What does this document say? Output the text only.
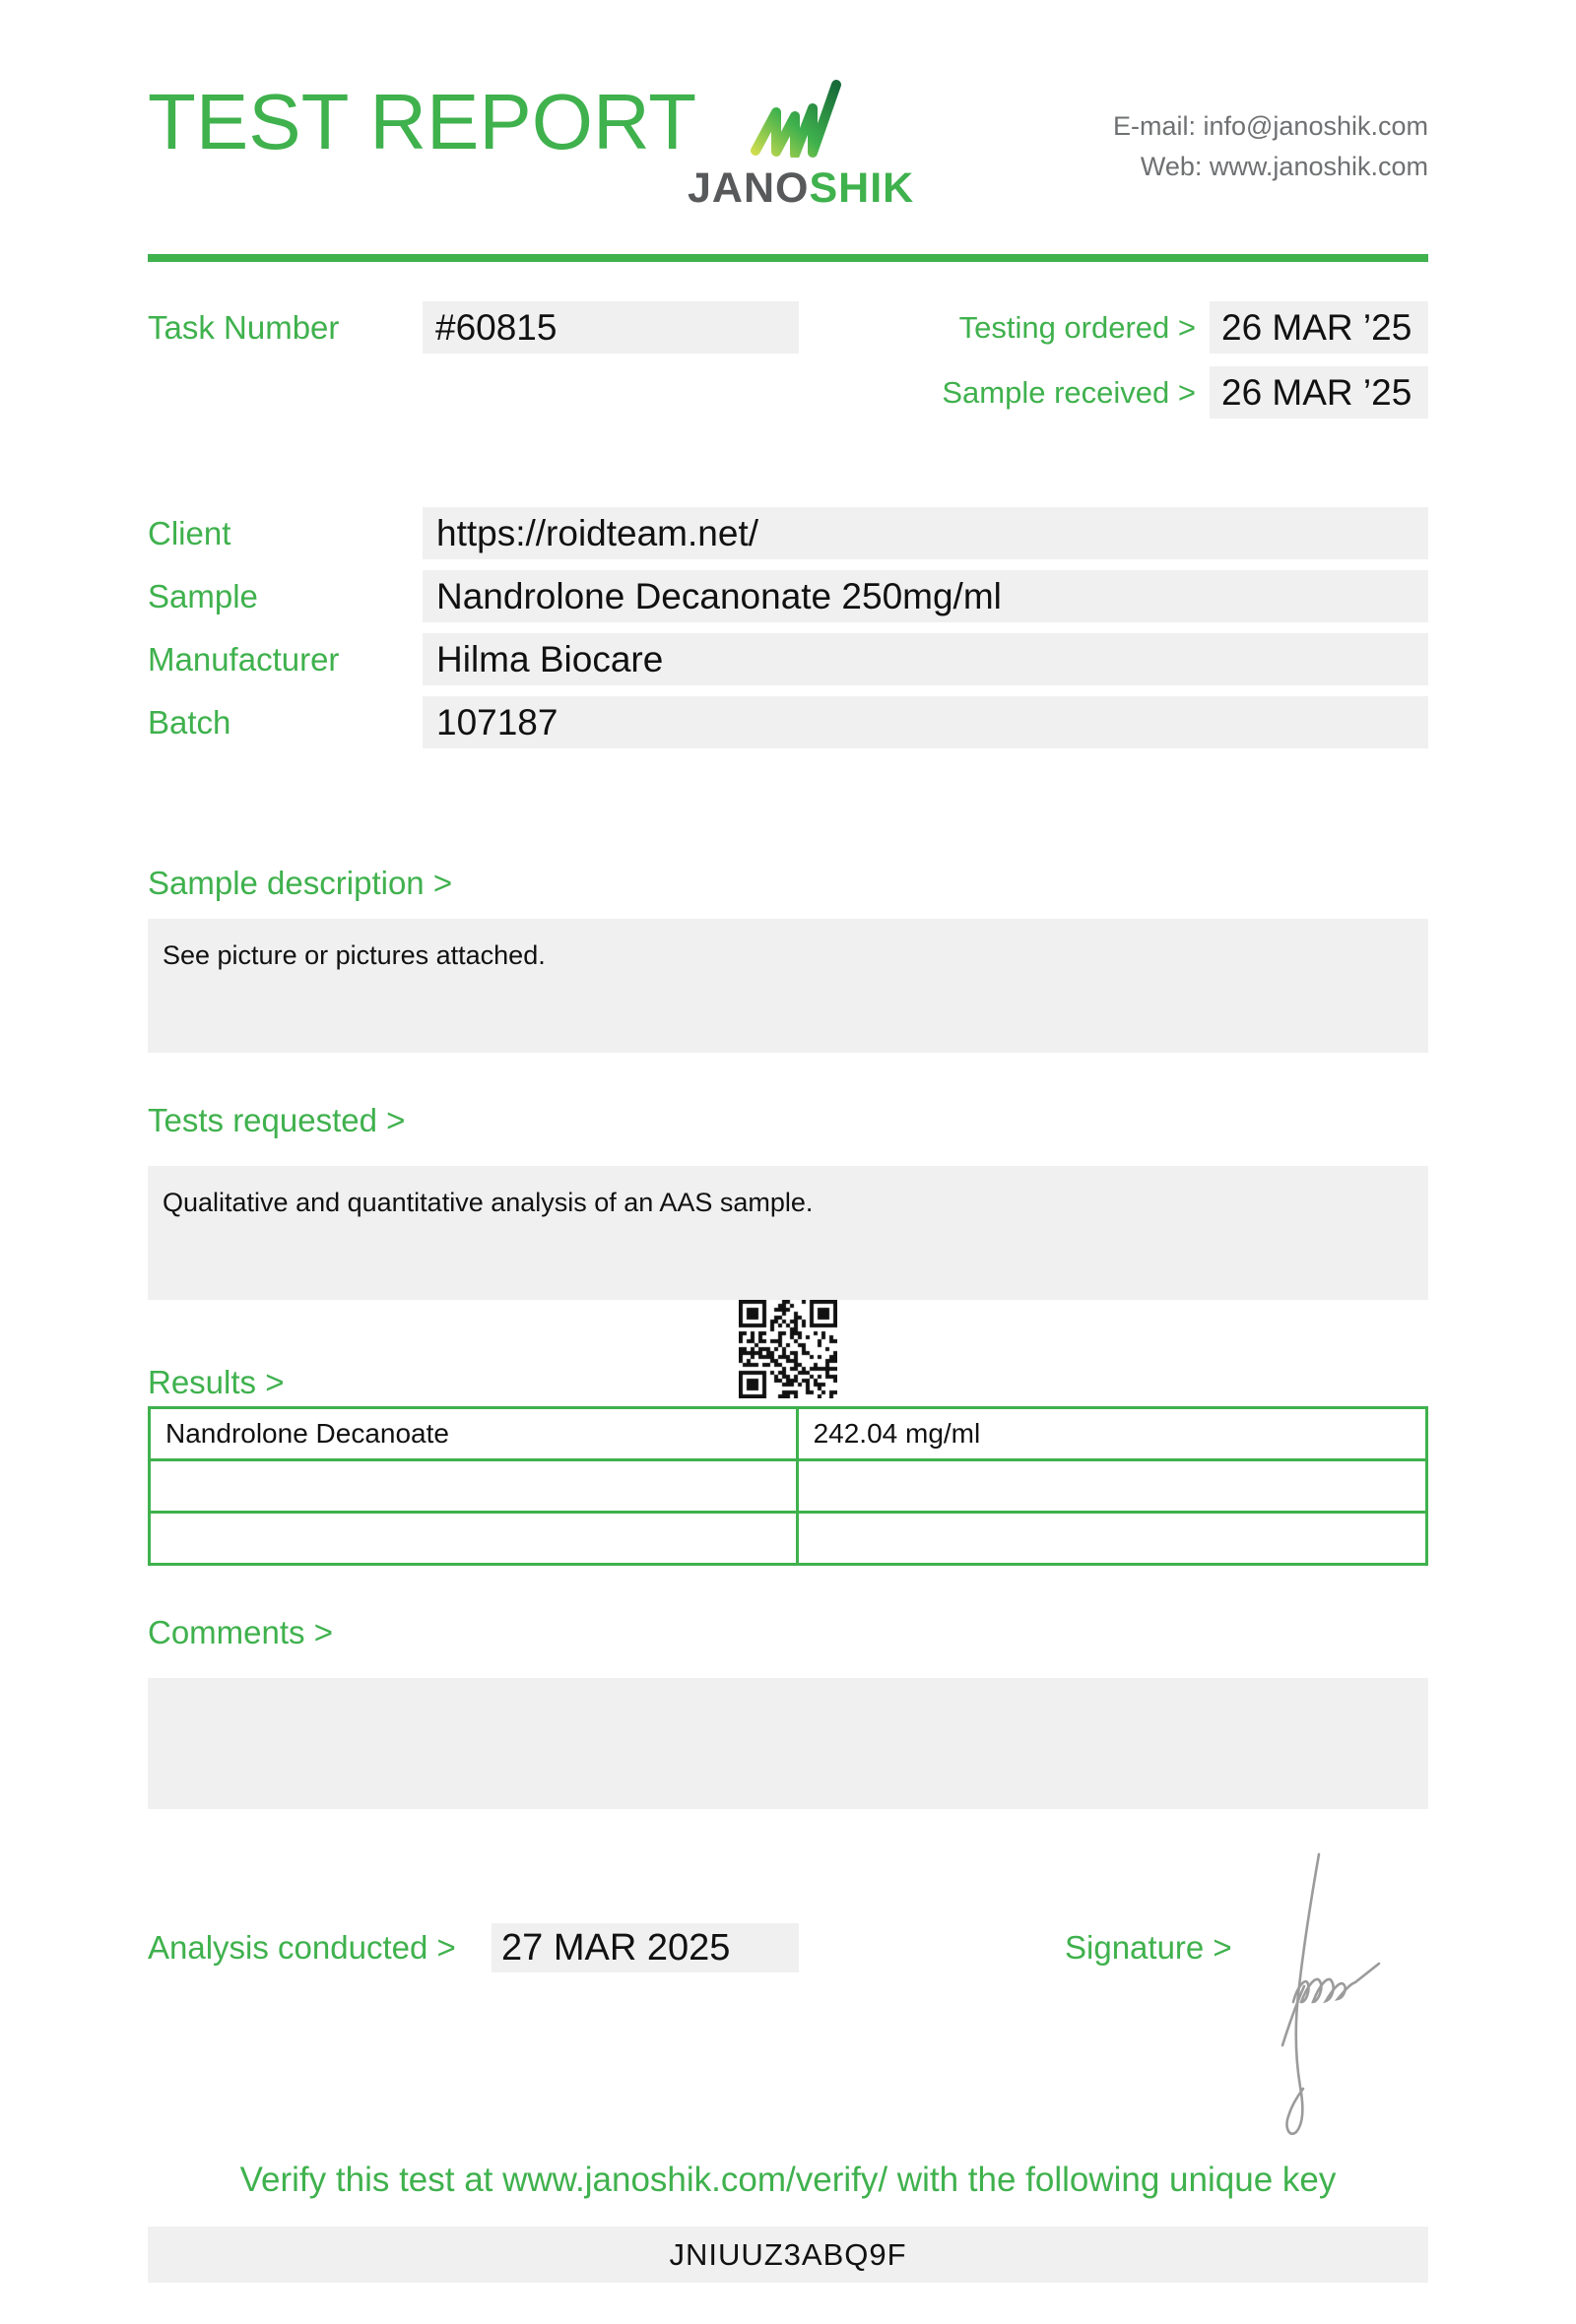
TEST REPORT
JANOSHIK
E-mail: info@janoshik.com
Web: www.janoshik.com
Task Number	#60815	Testing ordered > 26 MAR ’25
Sample received > 26 MAR ’25
Client	https://roidteam.net/
Sample	Nandrolone Decanonate 250mg/ml
Manufacturer	Hilma Biocare
Batch	107187
Sample description >
See picture or pictures attached.
Tests requested >
Qualitative and quantitative analysis of an AAS sample.
Results >
Nandrolone Decanoate	242.04 mg/ml

Comments >
Analysis conducted >	27 MAR 2025	Signature >
Verify this test at www.janoshik.com/verify/ with the following unique key
JNIUUZ3ABQ9F
